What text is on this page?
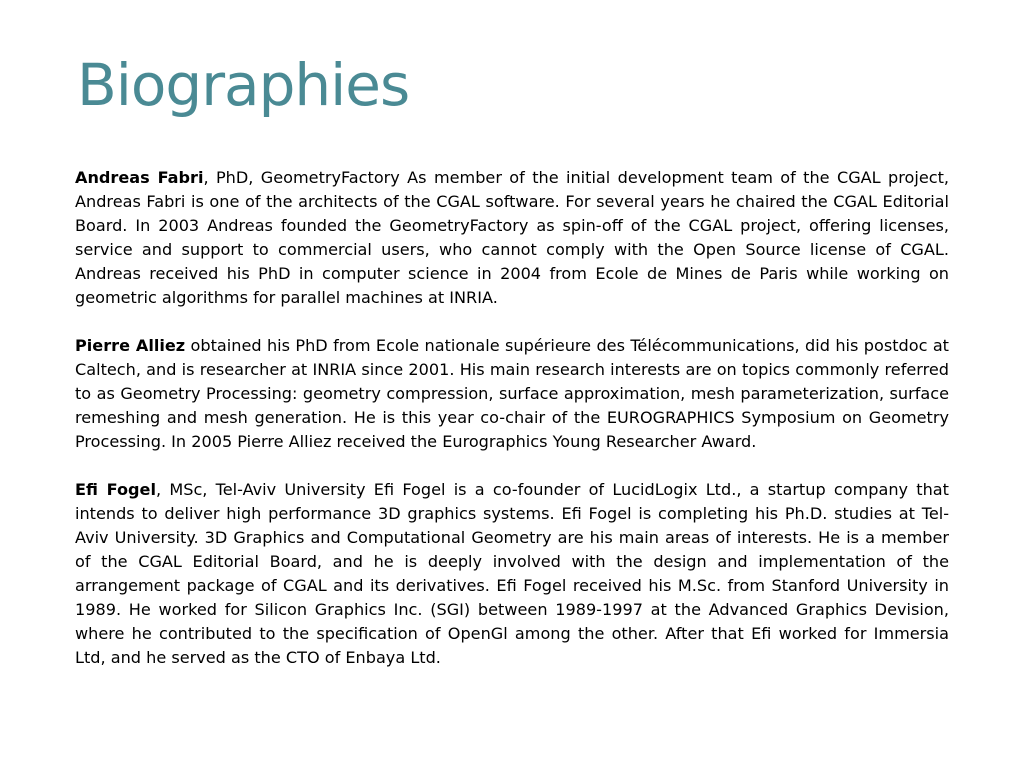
Biographies

Andreas Fabri, PhD, GeometryFactory As member of the initial development team of the CGAL project, Andreas Fabri is one of the architects of the CGAL software. For several years he chaired the CGAL Editorial Board. In 2003 Andreas founded the GeometryFactory as spin-off of the CGAL project, offering licenses, service and support to commercial users, who cannot comply with the Open Source license of CGAL. Andreas received his PhD in computer science in 2004 from Ecole de Mines de Paris while working on geometric algorithms for parallel machines at INRIA.

Pierre Alliez obtained his PhD from Ecole nationale supérieure des Télécommunications, did his postdoc at Caltech, and is researcher at INRIA since 2001. His main research interests are on topics commonly referred to as Geometry Processing: geometry compression, surface approximation, mesh parameterization, surface remeshing and mesh generation. He is this year co-chair of the EUROGRAPHICS Symposium on Geometry Processing. In 2005 Pierre Alliez received the Eurographics Young Researcher Award.

Efi Fogel, MSc, Tel-Aviv University Efi Fogel is a co-founder of LucidLogix Ltd., a startup company that intends to deliver high performance 3D graphics systems. Efi Fogel is completing his Ph.D. studies at Tel-Aviv University. 3D Graphics and Computational Geometry are his main areas of interests. He is a member of the CGAL Editorial Board, and he is deeply involved with the design and implementation of the arrangement package of CGAL and its derivatives. Efi Fogel received his M.Sc. from Stanford University in 1989. He worked for Silicon Graphics Inc. (SGI) between 1989-1997 at the Advanced Graphics Devision, where he contributed to the specification of OpenGl among the other. After that Efi worked for Immersia Ltd, and he served as the CTO of Enbaya Ltd.
